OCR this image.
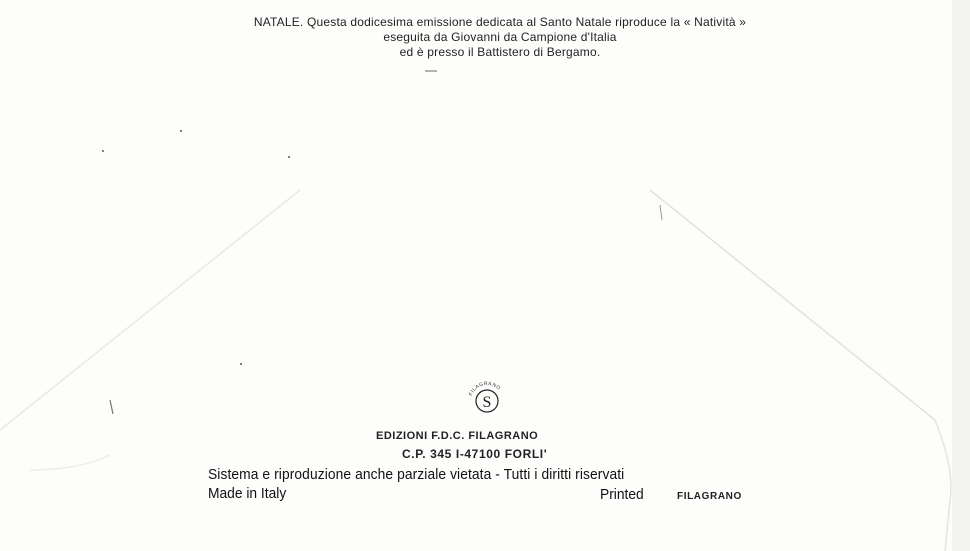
NATALE. Questa dodicesima emissione dedicata al Santo Natale riproduce la « Natività »
eseguita da Giovanni da Campione d'Italia
ed è presso il Battistero di Bergamo.
S
FILAGRANO
EDIZIONI F.D.C. FILAGRANO
C.P. 345 I-47100 FORLI'
Sistema e riproduzione anche parziale vietata - Tutti i diritti riservati
Made in Italy	Printed	FILAGRANO
